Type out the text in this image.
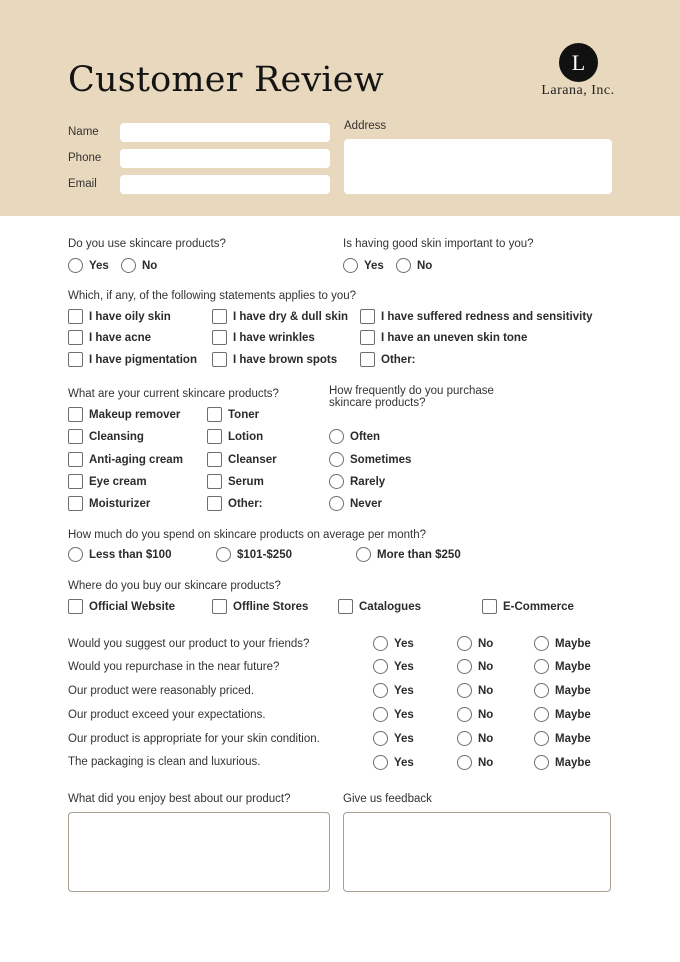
Customer Review	L
Larana, Inc.
Name
Phone
Email
Address
Do you use skincare products?
Yes	No
Is having good skin important to you?
Yes	No
Which, if any, of the following statements applies to you?
I have oily skin	I have dry & dull skin	I have suffered redness and sensitivity
I have acne	I have wrinkles	I have an uneven skin tone
I have pigmentation	I have brown spots	Other:
What are your current skincare products?
Makeup remover	Toner
Cleansing	Lotion
Anti-aging cream	Cleanser
Eye cream	Serum
Moisturizer	Other:
How frequently do you purchase
skincare products?
Often
Sometimes
Rarely
Never
How much do you spend on skincare products on average per month?
Less than $100	$101-$250	More than $250
Where do you buy our skincare products?
Official Website	Offline Stores	Catalogues	E-Commerce
Would you suggest our product to your friends?	Yes	No	Maybe
Would you repurchase in the near future?	Yes	No	Maybe
Our product were reasonably priced.	Yes	No	Maybe
Our product exceed your expectations.	Yes	No	Maybe
Our product is appropriate for your skin condition.	Yes	No	Maybe
The packaging is clean and luxurious.	Yes	No	Maybe
What did you enjoy best about our product?	Give us feedback
